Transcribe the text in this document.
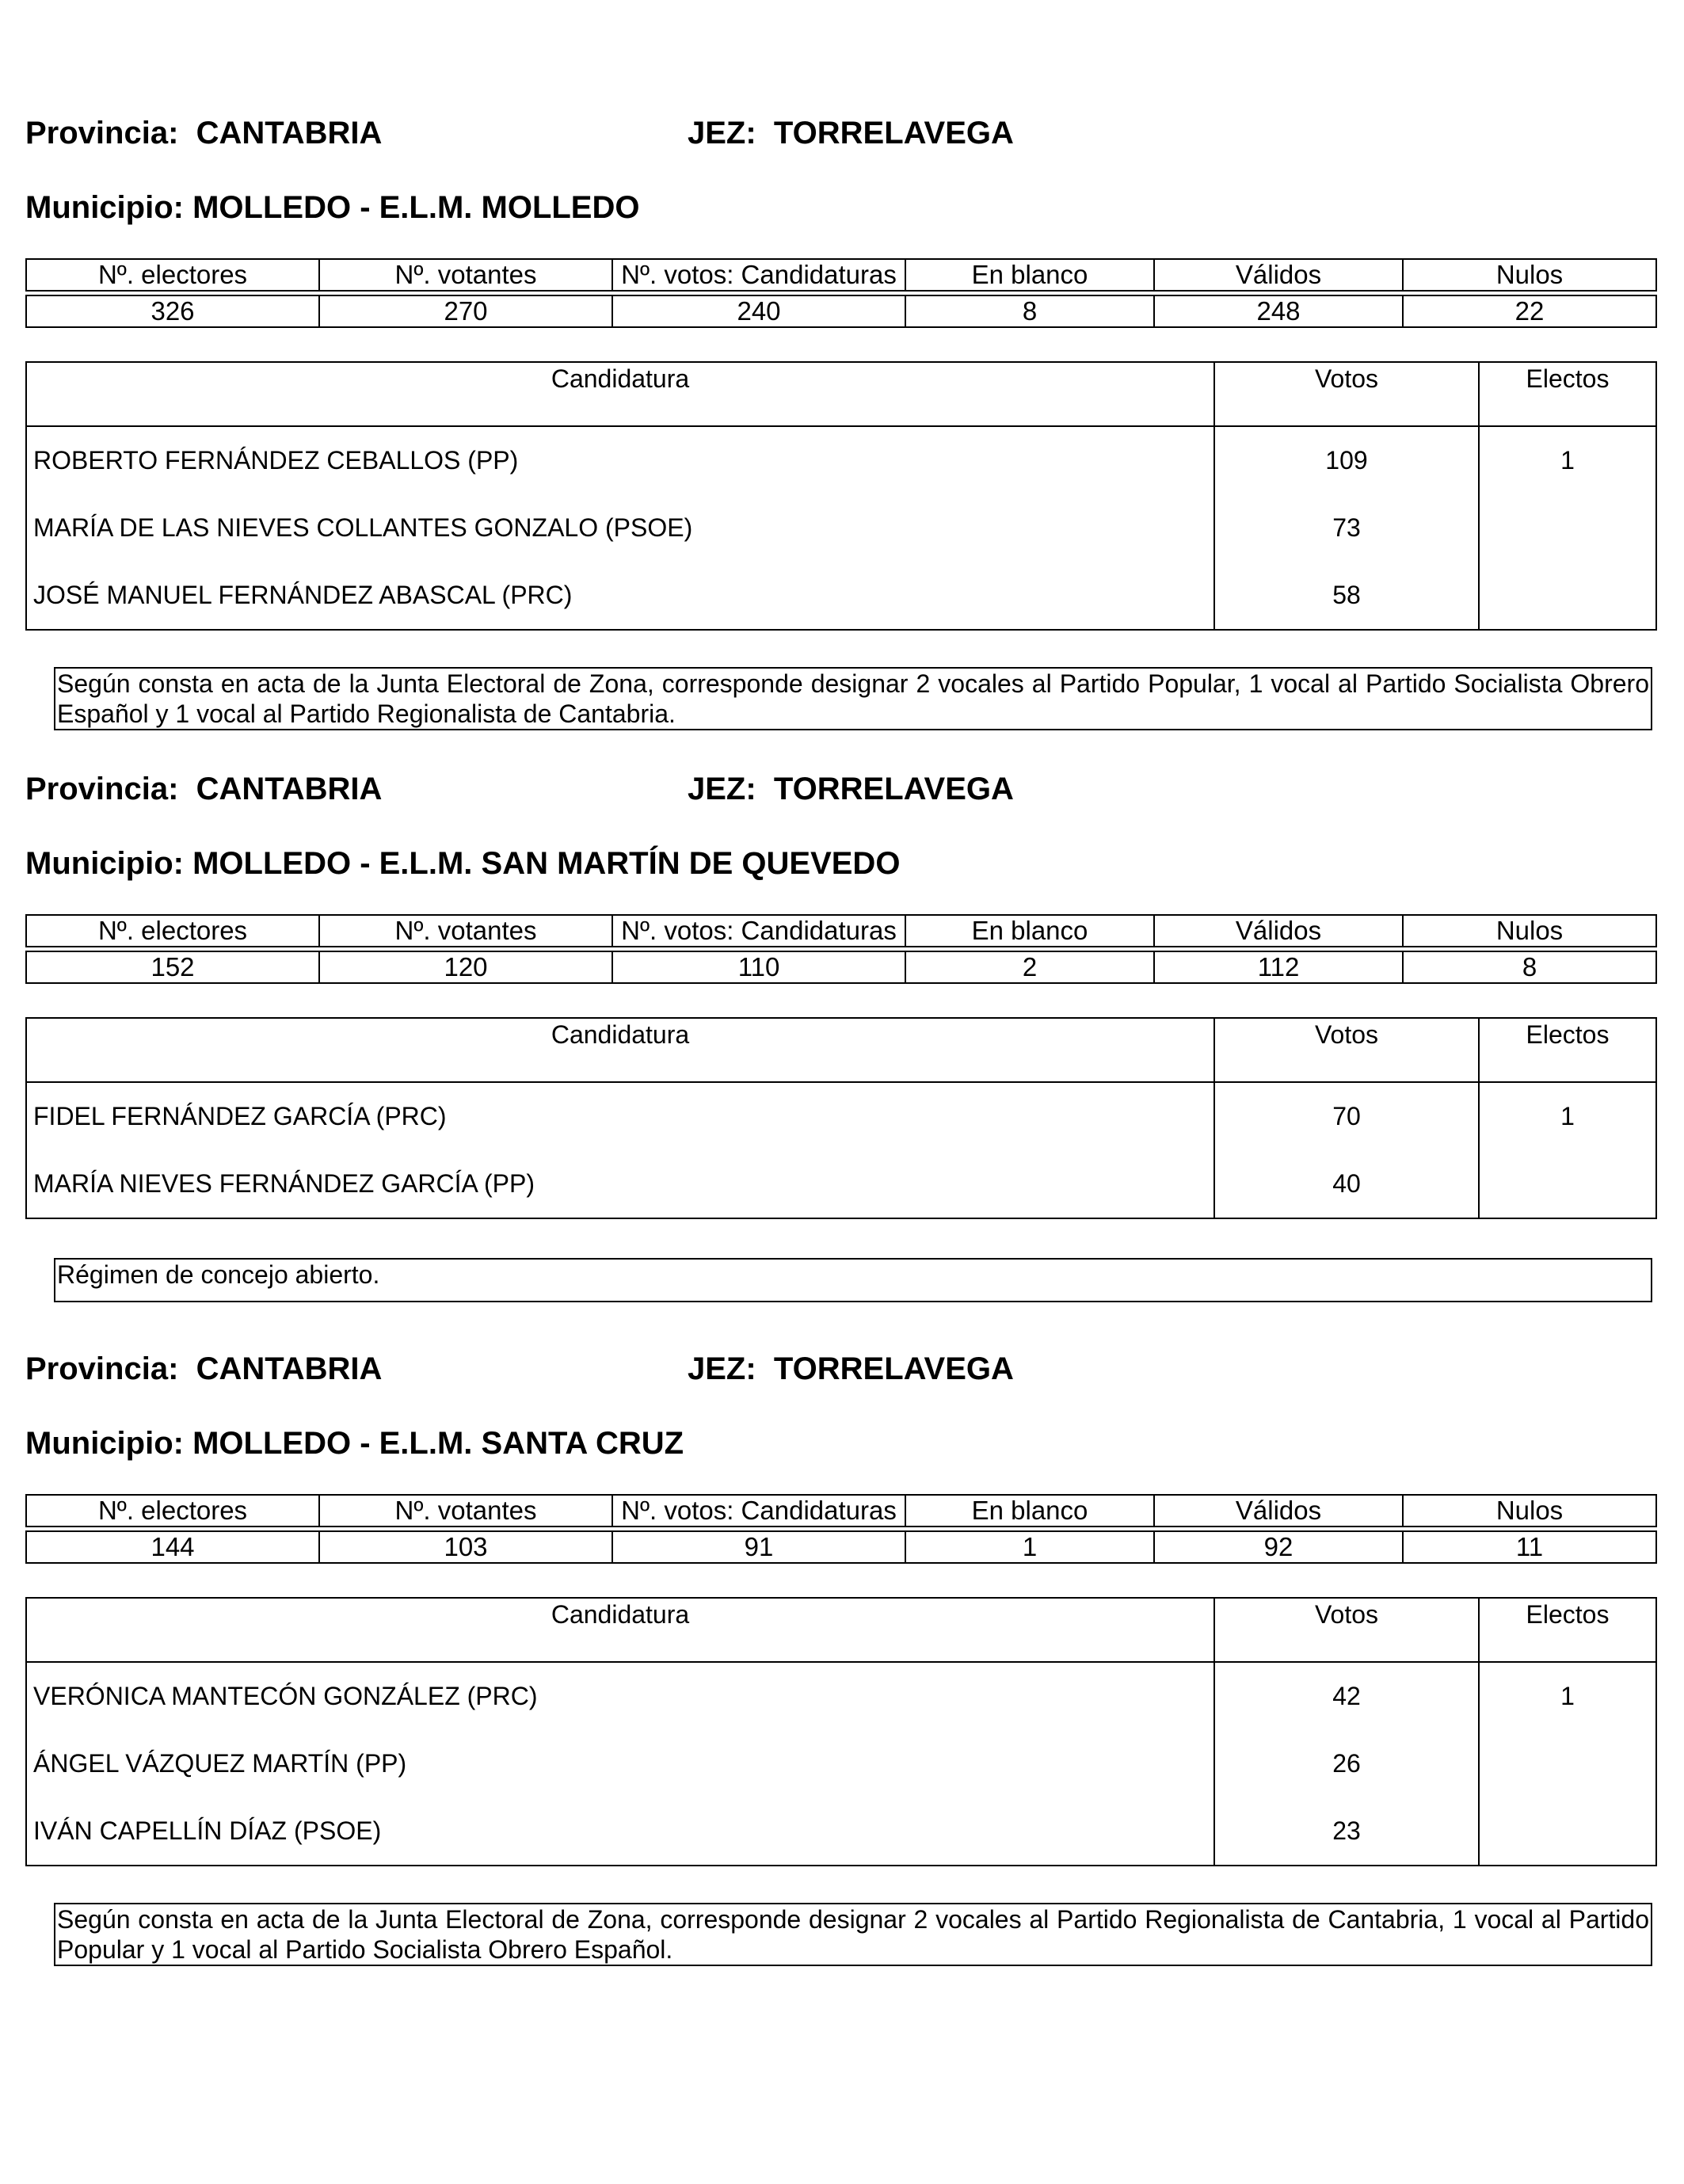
Provincia: CANTABRIA	JEZ: TORRELAVEGA
Municipio: MOLLEDO - E.L.M. MOLLEDO
Nº. electores	Nº. votantes	Nº. votos: Candidaturas	En blanco	Válidos	Nulos

326	270	240	8	248	22
Candidatura	Votos	Electos
ROBERTO FERNÁNDEZ CEBALLOS (PP)	109	1
MARÍA DE LAS NIEVES COLLANTES GONZALO (PSOE)	73	
JOSÉ MANUEL FERNÁNDEZ ABASCAL (PRC)	58	
Según consta en acta de la Junta Electoral de Zona, corresponde designar 2 vocales al Partido Popular, 1 vocal al Partido Socialista Obrero Español y 1 vocal al Partido Regionalista de Cantabria.
Provincia: CANTABRIA	JEZ: TORRELAVEGA
Municipio: MOLLEDO - E.L.M. SAN MARTÍN DE QUEVEDO
Nº. electores	Nº. votantes	Nº. votos: Candidaturas	En blanco	Válidos	Nulos

152	120	110	2	112	8
Candidatura	Votos	Electos
FIDEL FERNÁNDEZ GARCÍA (PRC)	70	1
MARÍA NIEVES FERNÁNDEZ GARCÍA (PP)	40	
Régimen de concejo abierto.
Provincia: CANTABRIA	JEZ: TORRELAVEGA
Municipio: MOLLEDO - E.L.M. SANTA CRUZ
Nº. electores	Nº. votantes	Nº. votos: Candidaturas	En blanco	Válidos	Nulos

144	103	91	1	92	11
Candidatura	Votos	Electos
VERÓNICA MANTECÓN GONZÁLEZ (PRC)	42	1
ÁNGEL VÁZQUEZ MARTÍN (PP)	26	
IVÁN CAPELLÍN DÍAZ (PSOE)	23	
Según consta en acta de la Junta Electoral de Zona, corresponde designar 2 vocales al Partido Regionalista de Cantabria, 1 vocal al Partido Popular y 1 vocal al Partido Socialista Obrero Español.
